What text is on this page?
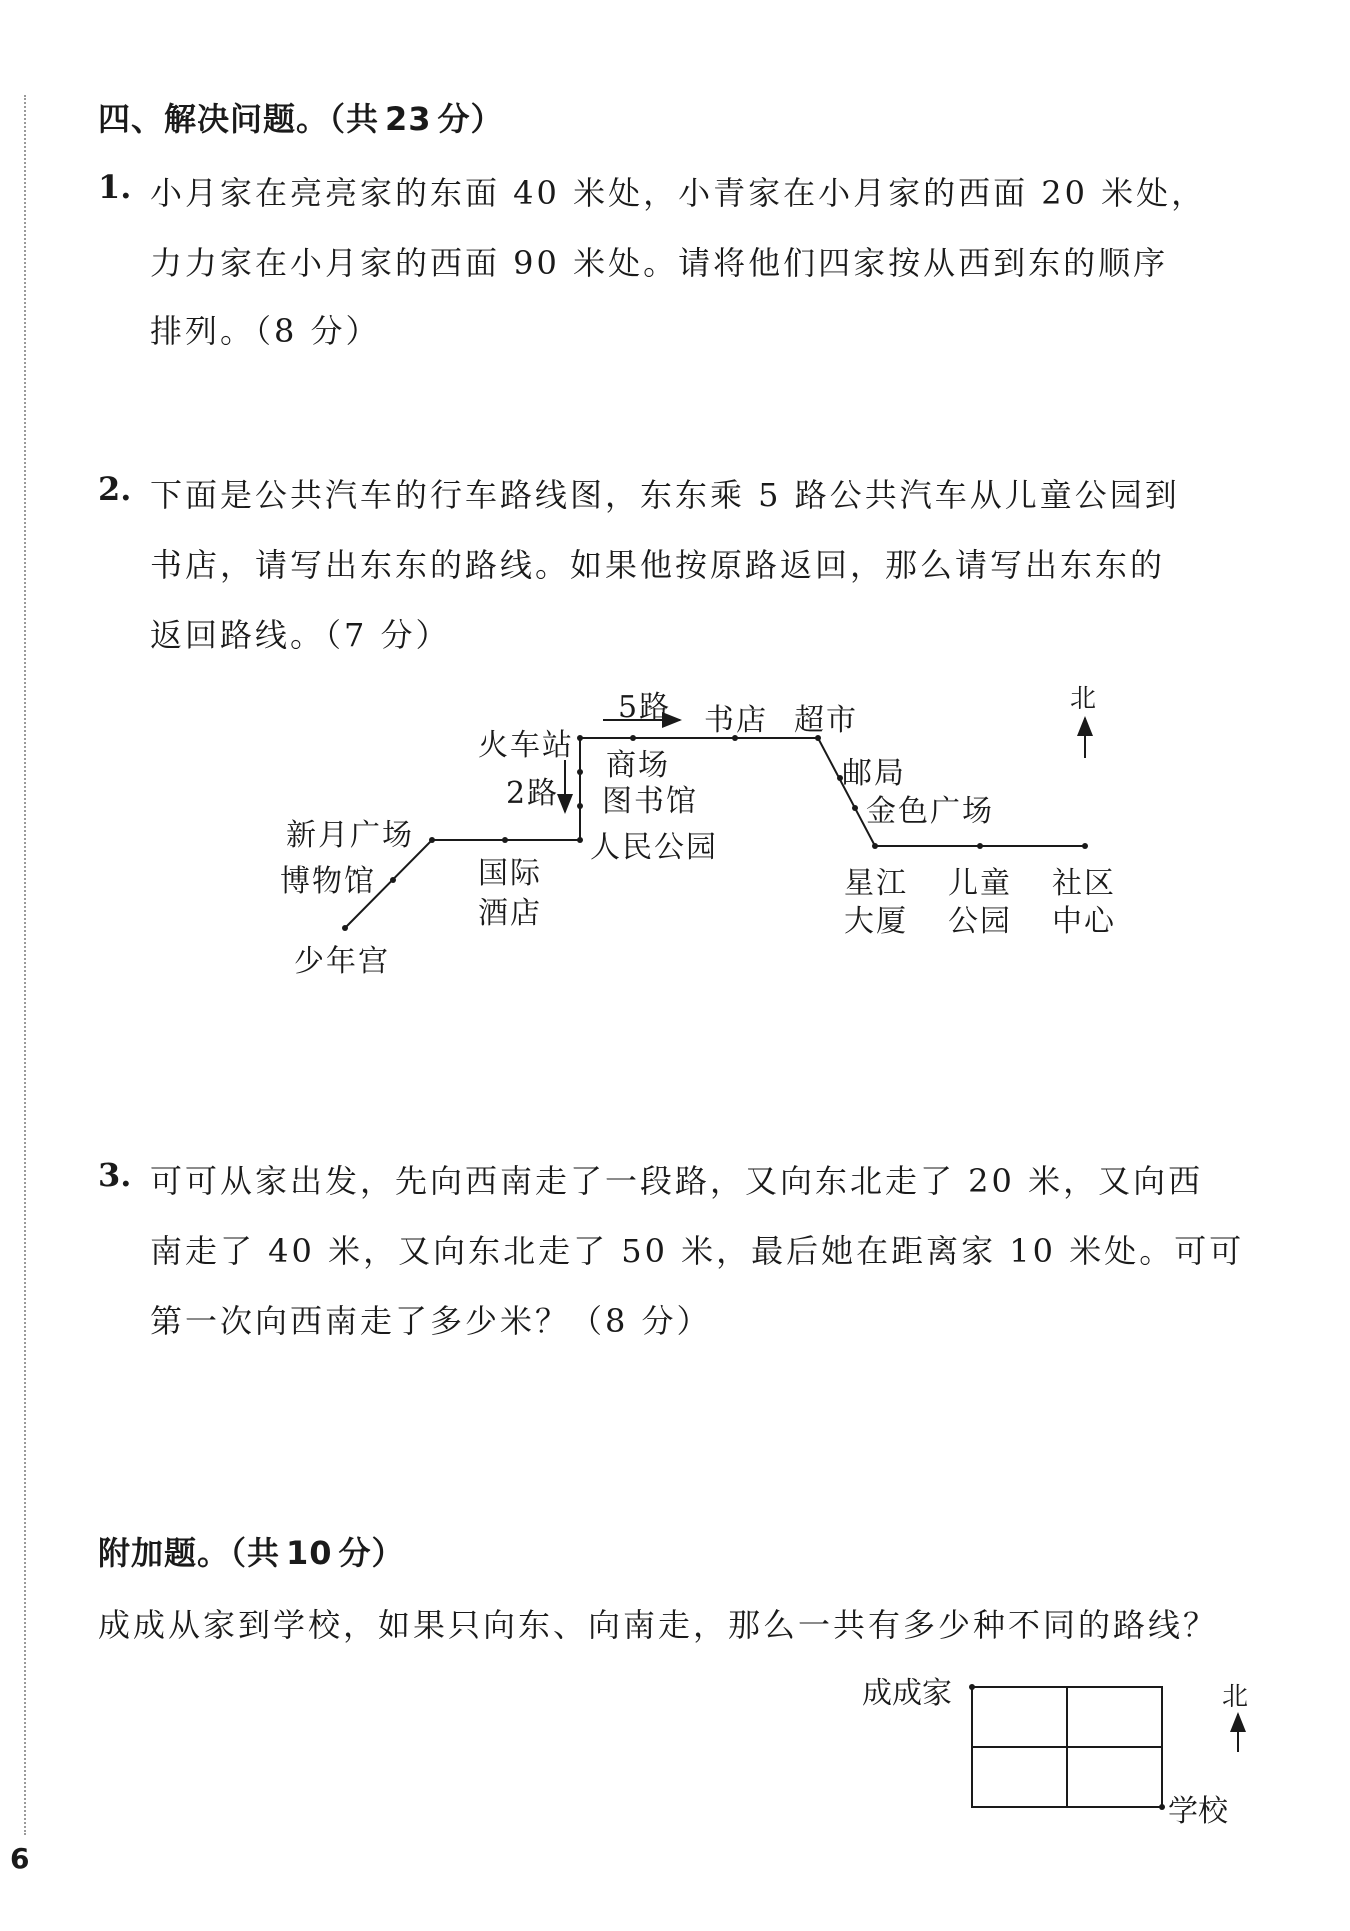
四、解决问题。（共 23 分）
1. 小月家在亮亮家的东面 40 米处，小青家在小月家的西面 20 米处，
力力家在小月家的西面 90 米处。请将他们四家按从西到东的顺序
排列。（8 分）
2. 下面是公共汽车的行车路线图，东东乘 5 路公共汽车从儿童公园到
书店，请写出东东的路线。如果他按原路返回，那么请写出东东的
返回路线。（7 分）
5路 书店 超市
北
火车站
商场
2路 图书馆
邮局
金色广场
新月广场
博物馆
人民公园
国际
酒店
星江
大厦
儿童
公园
社区
中心
少年宫
3. 可可从家出发，先向西南走了一段路，又向东北走了 20 米，又向西
南走了 40 米，又向东北走了 50 米，最后她在距离家 10 米处。可可
第一次向西南走了多少米？（8 分）
附加题。（共 10 分）
成成从家到学校，如果只向东、向南走，那么一共有多少种不同的路线？
成成家
学校
北
6
